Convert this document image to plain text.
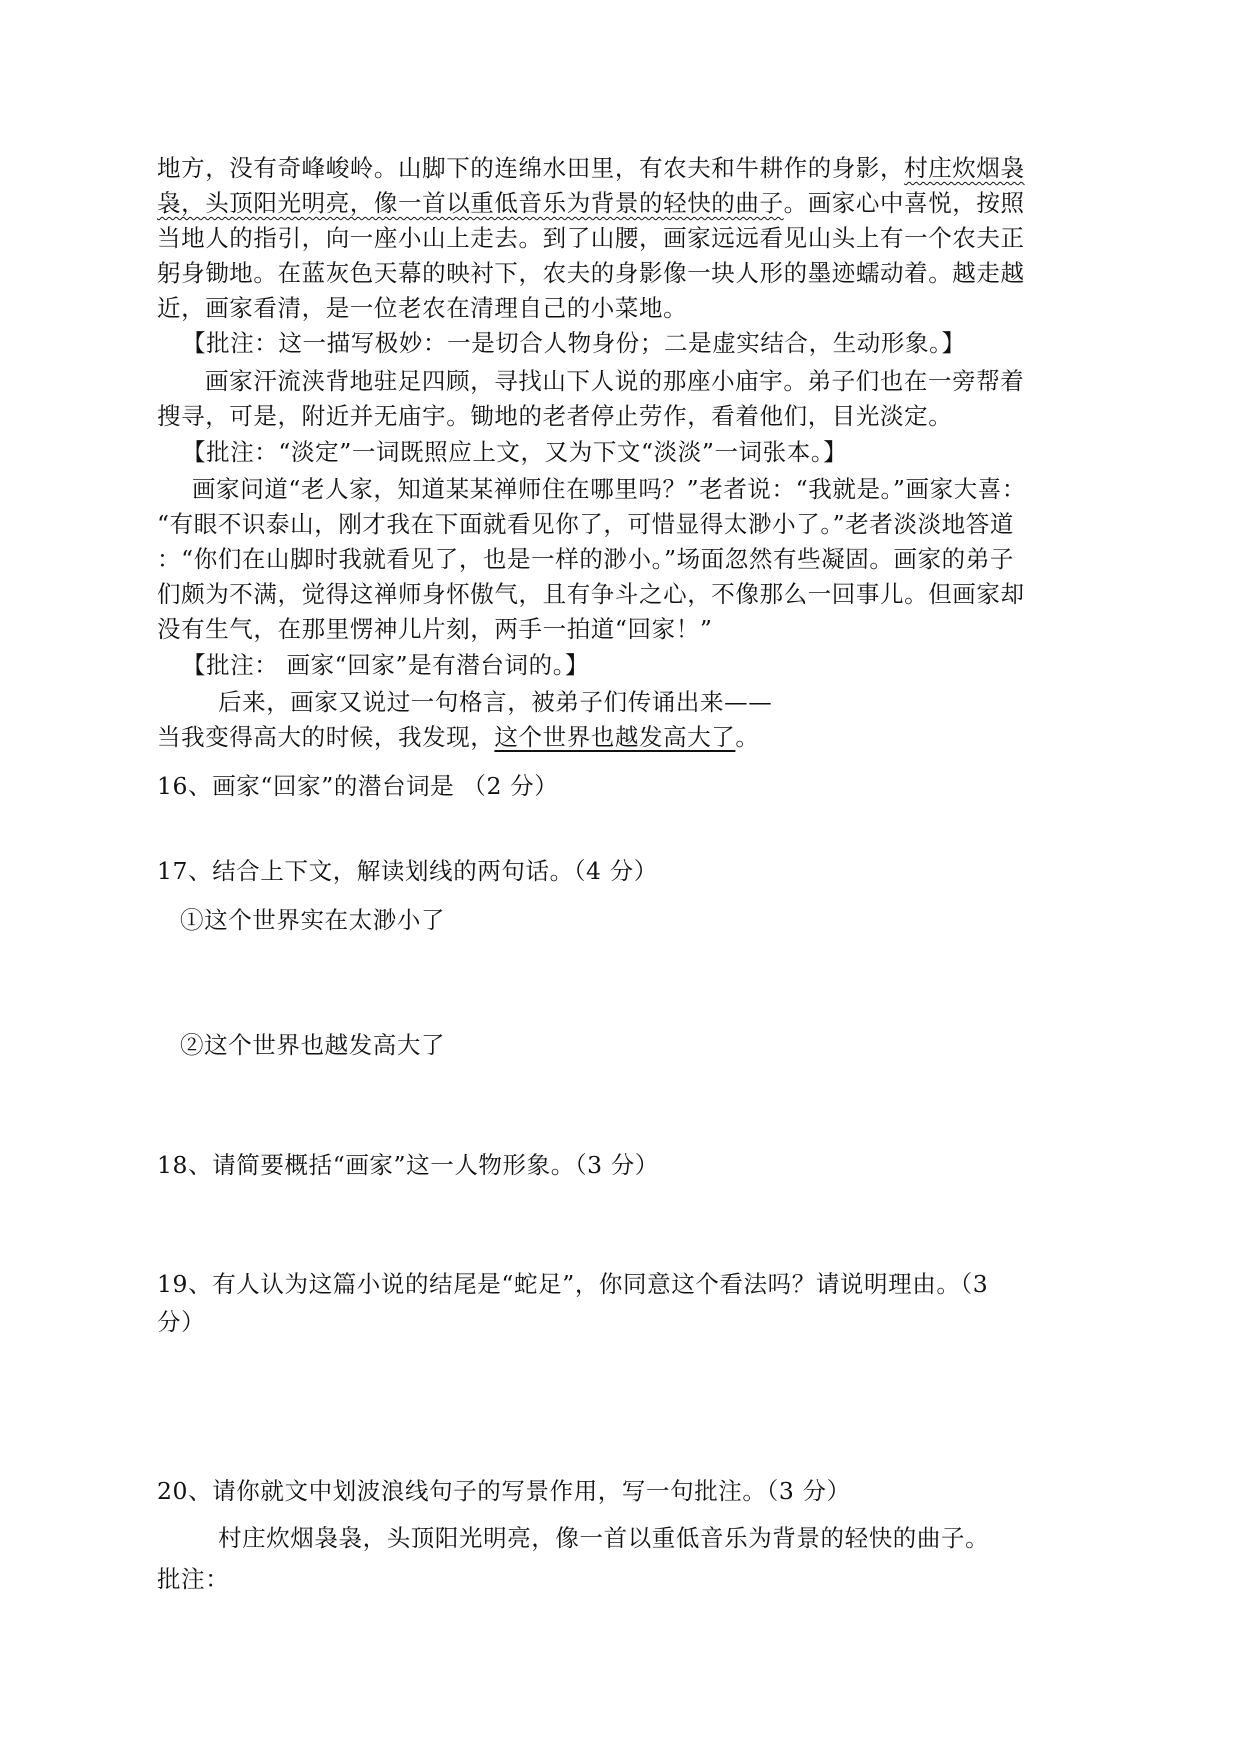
地方，没有奇峰峻岭。山脚下的连绵水田里，有农夫和牛耕作的身影，村庄炊烟袅
袅，头顶阳光明亮，像一首以重低音乐为背景的轻快的曲子。画家心中喜悦，按照
当地人的指引，向一座小山上走去。到了山腰，画家远远看见山头上有一个农夫正
躬身锄地。在蓝灰色天幕的映衬下，农夫的身影像一块人形的墨迹蠕动着。越走越
近，画家看清，是一位老农在清理自己的小菜地。
【批注：这一描写极妙：一是切合人物身份；二是虚实结合，生动形象。】
画家汗流浃背地驻足四顾，寻找山下人说的那座小庙宇。弟子们也在一旁帮着
搜寻，可是，附近并无庙宇。锄地的老者停止劳作，看着他们，目光淡定。
【批注：“淡定”一词既照应上文，又为下文“淡淡”一词张本。】
画家问道“老人家，知道某某禅师住在哪里吗？”老者说：“我就是。”画家大喜：
“有眼不识泰山，刚才我在下面就看见你了，可惜显得太渺小了。”老者淡淡地答道
：“你们在山脚时我就看见了，也是一样的渺小。”场面忽然有些凝固。画家的弟子
们颇为不满，觉得这禅师身怀傲气，且有争斗之心，不像那么一回事儿。但画家却
没有生气，在那里愣神儿片刻，两手一拍道“回家！”
【批注： 画家“回家”是有潜台词的。】
后来，画家又说过一句格言，被弟子们传诵出来——
当我变得高大的时候，我发现，这个世界也越发高大了。
16、画家“回家”的潜台词是 （2 分）
17、结合上下文，解读划线的两句话。（4 分）
①这个世界实在太渺小了
②这个世界也越发高大了
18、请简要概括“画家”这一人物形象。（3 分）
19、有人认为这篇小说的结尾是“蛇足”，你同意这个看法吗？请说明理由。（3
分）
20、请你就文中划波浪线句子的写景作用，写一句批注。（3 分）
村庄炊烟袅袅，头顶阳光明亮，像一首以重低音乐为背景的轻快的曲子。
批注：
